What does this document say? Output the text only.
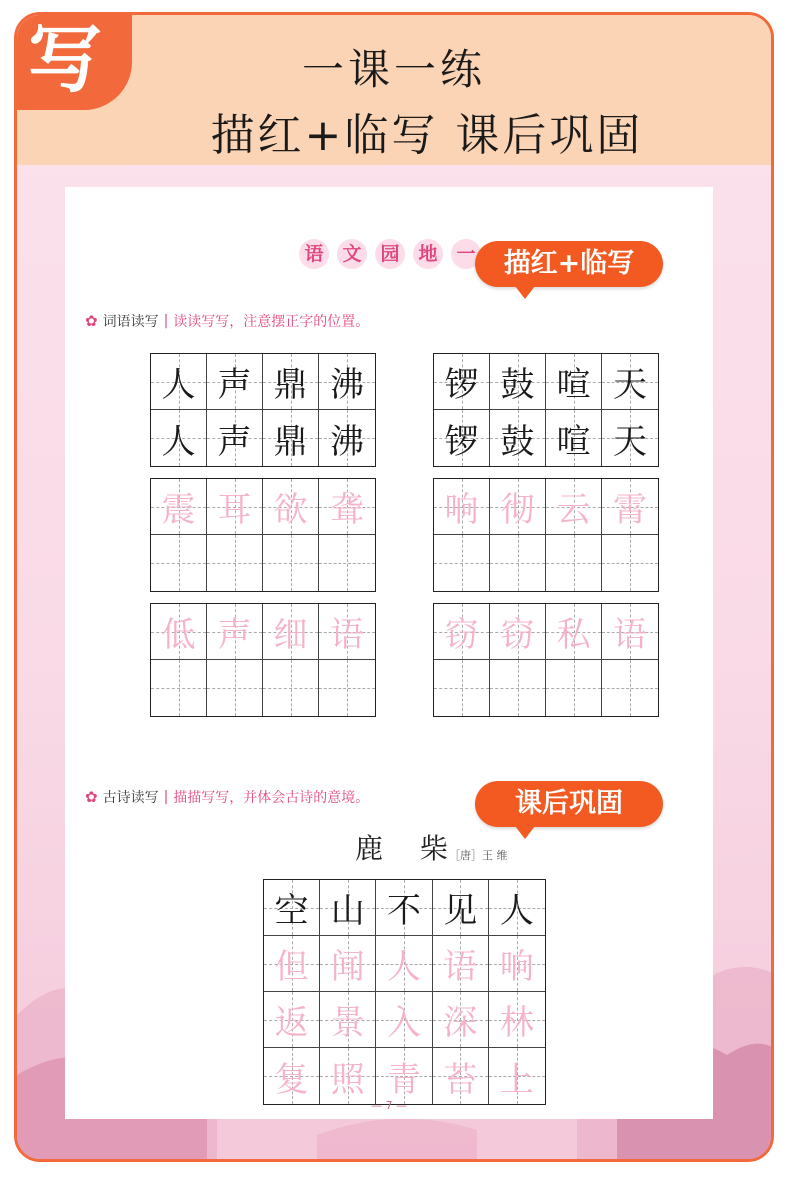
一课一练
描红+临写 课后巩固
写
语 文 园 地 一	描红+临写
✿ 词语读写 | 读读写写，注意摆正字的位置。
人 声 鼎 沸
人 声 鼎 沸
锣 鼓 喧 天
锣 鼓 喧 天
震 耳 欲 聋 响 彻 云 霄
低 声 细 语 窃 窃 私 语
✿ 古诗读写 | 描描写写，并体会古诗的意境。	课后巩固
鹿 柴
［唐］王 维
空 山 不 见 人
但 闻 人 语 响
返 景 入 深 林
复 照 青 苔 上
— 7 —
